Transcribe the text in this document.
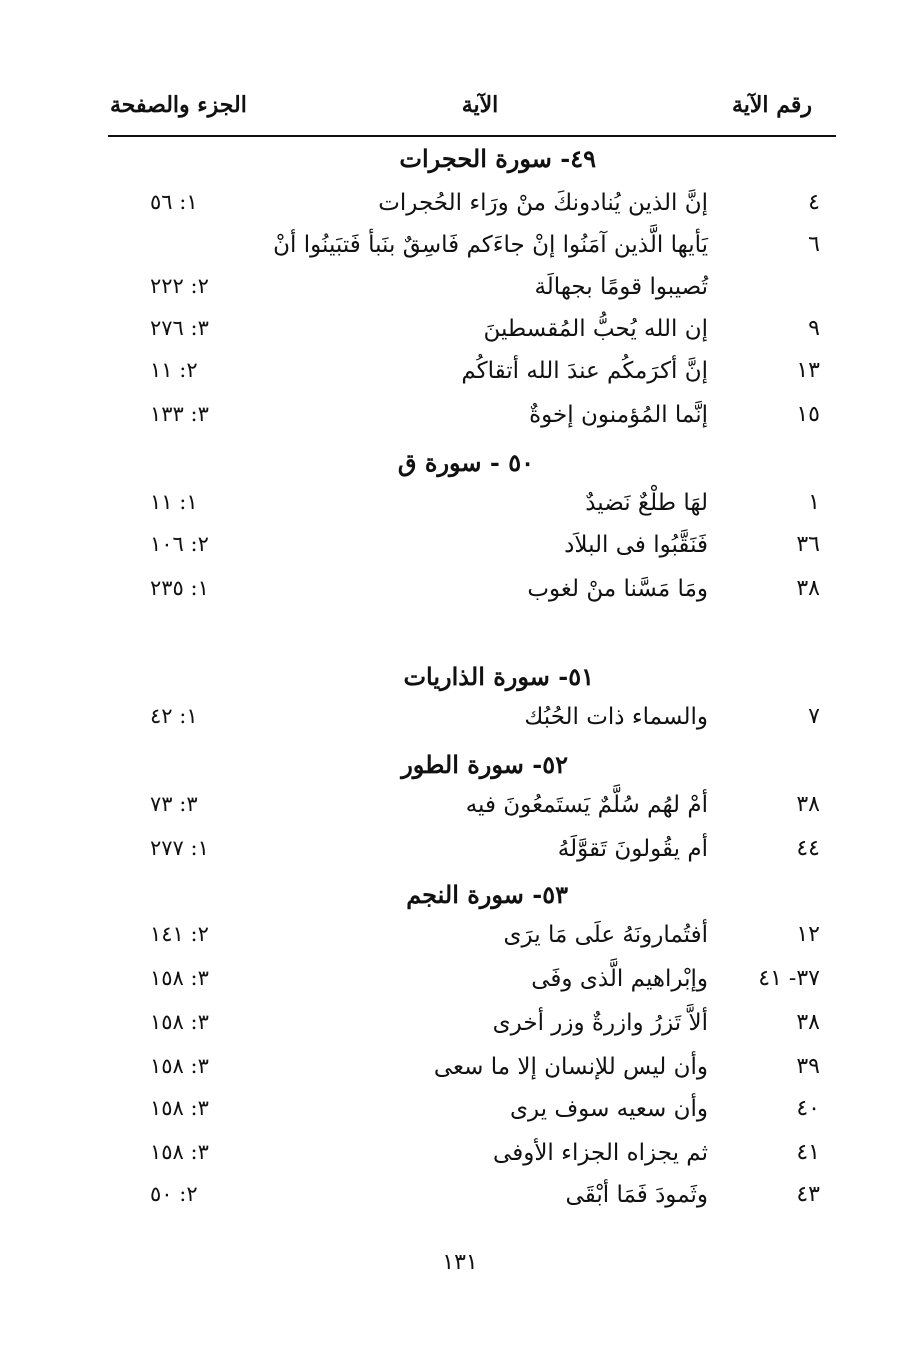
رقم الآية
الآية
الجزء والصفحة
٤٩- سورة الحجرات
٤
إنَّ الذين يُنادونكَ منْ ورَاء الحُجرات
١: ٥٦
٦
يَأيها الَّذين آمَنُوا إنْ جاءَكم فَاسِقٌ بنَبأ فَتبَينُوا أنْ
تُصيبوا قومًا بجهالَة
٢: ٢٢٢
٩
إن الله يُحبُّ المُقسطينَ
٣: ٢٧٦
١٣
إنَّ أكرَمكُم عندَ الله أتقاكُم
٢: ١١
١٥
إنَّما المُؤمنون إخوةٌ
٣: ١٣٣
٥٠ - سورة ق
١
لهَا طلْعٌ نَضيدٌ
١: ١١
٣٦
فَنَقَّبُوا فى البلاَد
٢: ١٠٦
٣٨
ومَا مَسَّنا منْ لغوب
١: ٢٣٥
٥١- سورة الذاريات
٧
والسماء ذات الحُبُك
١: ٤٢
٥٢- سورة الطور
٣٨
أمْ لهُم سُلَّمٌ يَستَمعُونَ فيه
٣: ٧٣
٤٤
أم يقُولونَ تَقوَّلَهُ
١: ٢٧٧
٥٣- سورة النجم
١٢
أفتُمارونَهُ علَى مَا يرَى
٢: ١٤١
٣٧- ٤١
وإبْراهيم الَّذى وفَى
٣: ١٥٨
٣٨
ألاَّ تَزرُ وازرةٌ وزر أخرى
٣: ١٥٨
٣٩
وأن ليس للإنسان إلا ما سعى
٣: ١٥٨
٤٠
وأن سعيه سوف يرى
٣: ١٥٨
٤١
ثم يجزاه الجزاء الأوفى
٣: ١٥٨
٤٣
وثَمودَ فَمَا أبْقَى
٢: ٥٠
١٣١
